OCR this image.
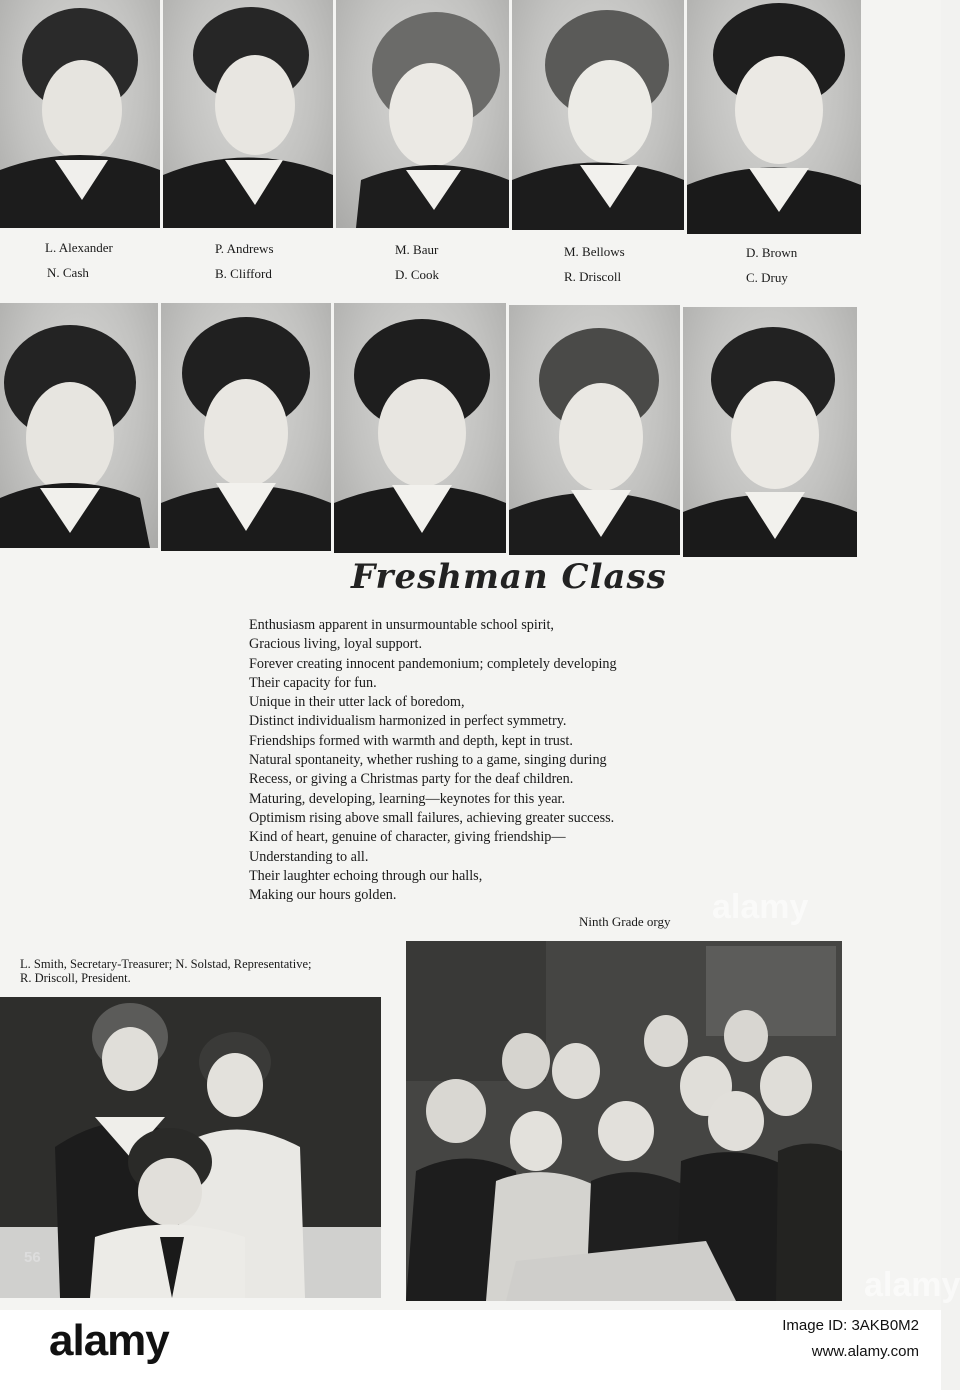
L. Alexander
N. Cash
P. Andrews
B. Clifford
M. Baur
D. Cook
M. Bellows
R. Driscoll
D. Brown
C. Druy
Freshman Class
Enthusiasm apparent in unsurmountable school spirit,
Gracious living, loyal support.
Forever creating innocent pandemonium; completely developing
Their capacity for fun.
Unique in their utter lack of boredom,
Distinct individualism harmonized in perfect symmetry.
Friendships formed with warmth and depth, kept in trust.
Natural spontaneity, whether rushing to a game, singing during
Recess, or giving a Christmas party for the deaf children.
Maturing, developing, learning—keynotes for this year.
Optimism rising above small failures, achieving greater success.
Kind of heart, genuine of character, giving friendship—
Understanding to all.
Their laughter echoing through our halls,
Making our hours golden.
Ninth Grade orgy
L. Smith, Secretary-Treasurer; N. Solstad, Representative;
R. Driscoll, President.
56
alamy
alamy
alamy	Image ID: 3AKB0M2
www.alamy.com
